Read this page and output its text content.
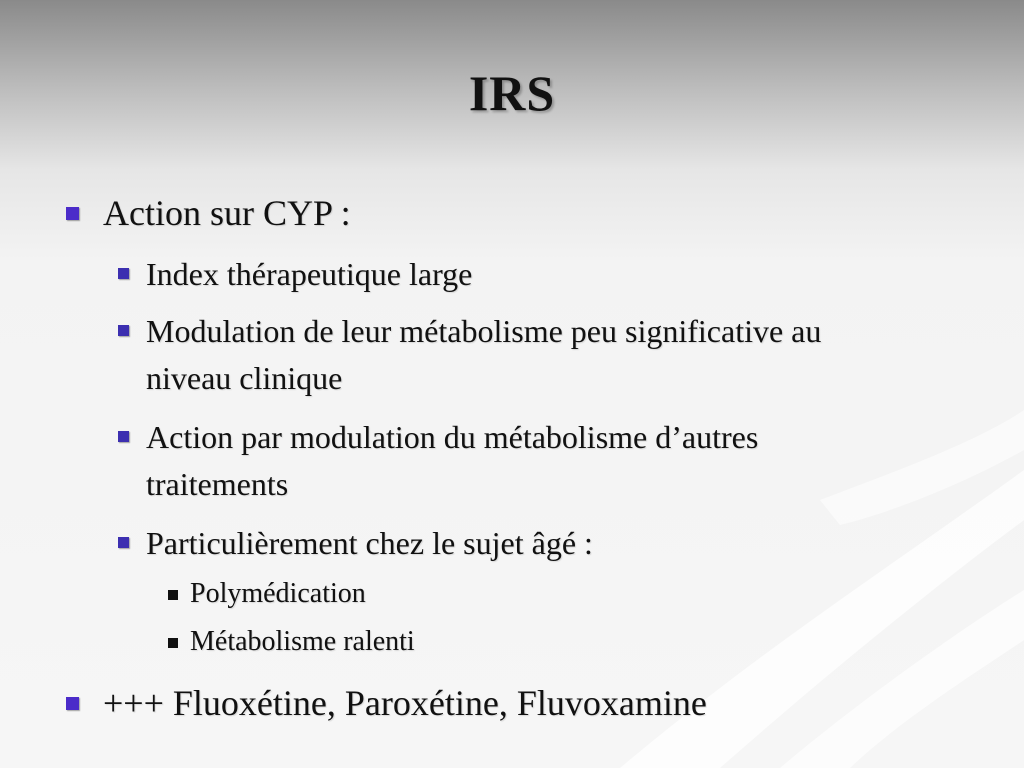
IRS
Action sur CYP :
Index thérapeutique large
Modulation de leur métabolisme peu significative au
niveau clinique
Action par modulation du métabolisme d’autres
traitements
Particulièrement chez le sujet âgé :
Polymédication
Métabolisme ralenti
+++ Fluoxétine, Paroxétine, Fluvoxamine
